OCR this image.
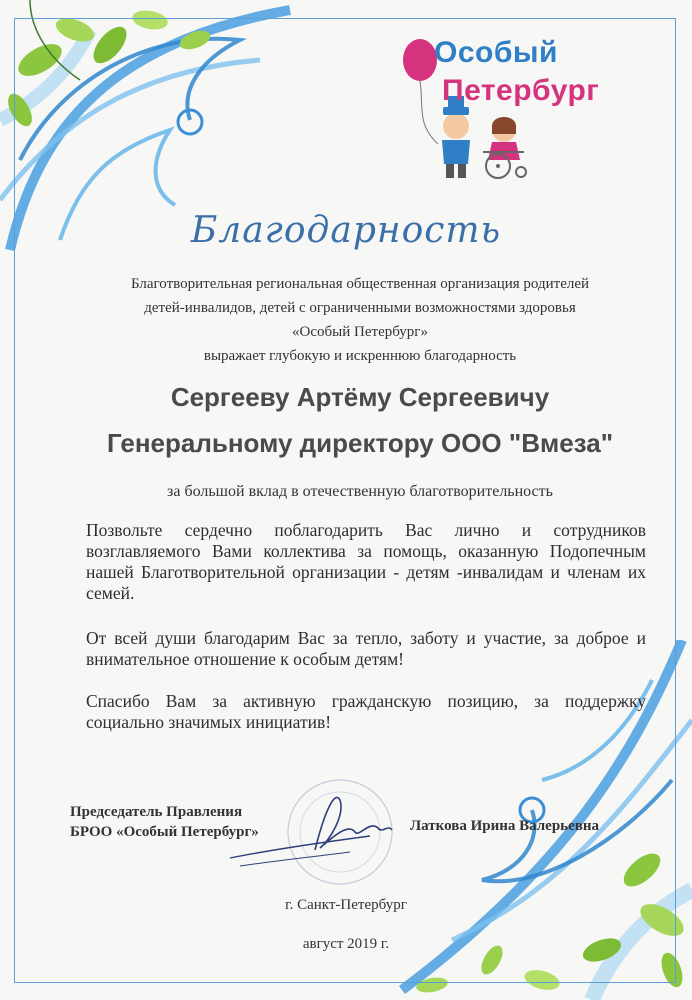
Особый
Петербург
Благодарность
Благотворительная региональная общественная организация родителей
детей-инвалидов, детей с ограниченными возможностями здоровья
«Особый Петербург»
выражает глубокую и искреннюю благодарность
Сергееву Артёму Сергеевичу
Генеральному директору ООО "Вмеза"
за большой вклад в отечественную благотворительность
Позвольте сердечно поблагодарить Вас лично и сотрудников возглавляемого Вами коллектива за помощь, оказанную Подопечным нашей Благотворительной организации - детям -инвалидам и членам их семей.
От всей души благодарим Вас за тепло, заботу и участие, за доброе и внимательное отношение к особым детям!
Спасибо Вам за активную гражданскую позицию, за поддержку социально значимых инициатив!
Председатель Правления
БРОО «Особый Петербург»	Латкова Ирина Валерьевна
г. Санкт-Петербург
август 2019 г.
